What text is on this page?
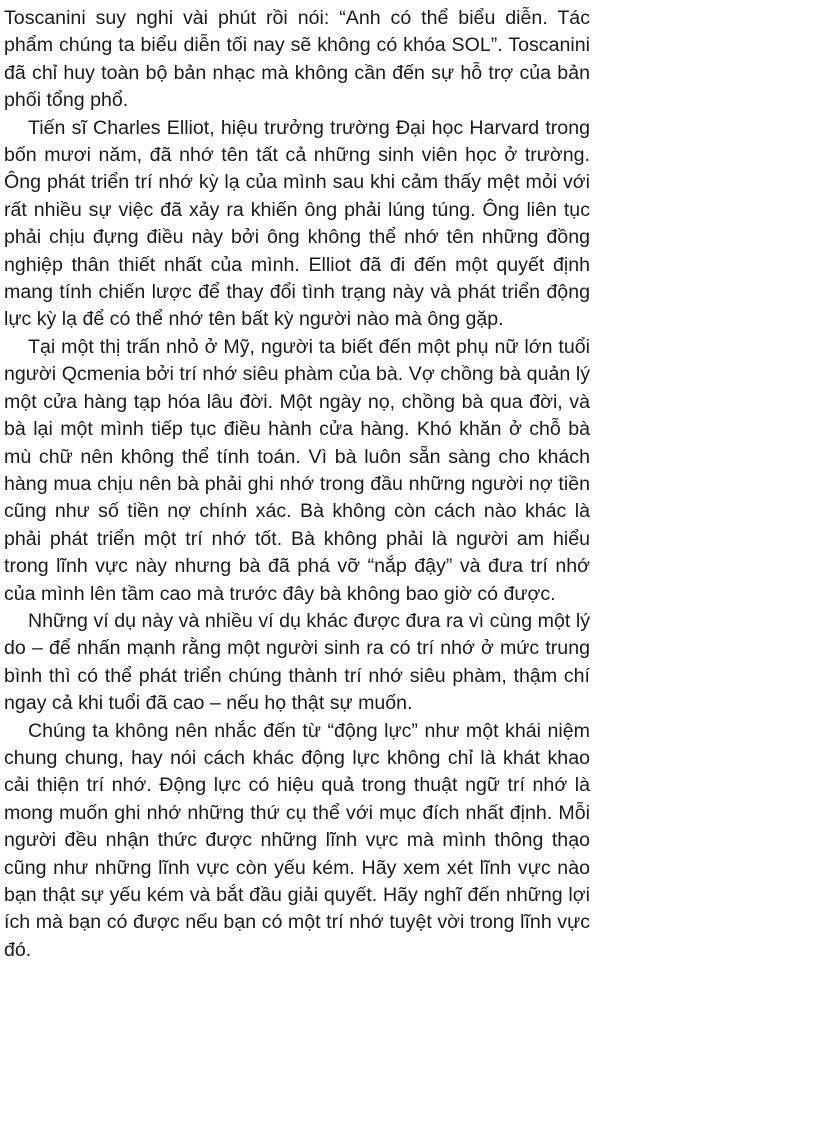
Toscanini suy nghi vài phút rồi nói: “Anh có thể biểu diễn. Tác phẩm chúng ta biểu diễn tối nay sẽ không có khóa SOL”. Toscanini đã chỉ huy toàn bộ bản nhạc mà không cần đến sự hỗ trợ của bản phối tổng phổ.

Tiến sĩ Charles Elliot, hiệu trưởng trường Đại học Harvard trong bốn mươi năm, đã nhớ tên tất cả những sinh viên học ở trường. Ông phát triển trí nhớ kỳ lạ của mình sau khi cảm thấy mệt mỏi với rất nhiều sự việc đã xảy ra khiến ông phải lúng túng. Ông liên tục phải chịu đựng điều này bởi ông không thể nhớ tên những đồng nghiệp thân thiết nhất của mình. Elliot đã đi đến một quyết định mang tính chiến lược để thay đổi tình trạng này và phát triển động lực kỳ lạ để có thể nhớ tên bất kỳ người nào mà ông gặp.

Tại một thị trấn nhỏ ở Mỹ, người ta biết đến một phụ nữ lớn tuổi người Qcmenia bởi trí nhớ siêu phàm của bà. Vợ chồng bà quản lý một cửa hàng tạp hóa lâu đời. Một ngày nọ, chồng bà qua đời, và bà lại một mình tiếp tục điều hành cửa hàng. Khó khăn ở chỗ bà mù chữ nên không thể tính toán. Vì bà luôn sẵn sàng cho khách hàng mua chịu nên bà phải ghi nhớ trong đầu những người nợ tiền cũng như số tiền nợ chính xác. Bà không còn cách nào khác là phải phát triển một trí nhớ tốt. Bà không phải là người am hiểu trong lĩnh vực này nhưng bà đã phá vỡ “nắp đậy” và đưa trí nhớ của mình lên tầm cao mà trước đây bà không bao giờ có được.

Những ví dụ này và nhiều ví dụ khác được đưa ra vì cùng một lý do – để nhấn mạnh rằng một người sinh ra có trí nhớ ở mức trung bình thì có thể phát triển chúng thành trí nhớ siêu phàm, thậm chí ngay cả khi tuổi đã cao – nếu họ thật sự muốn.

Chúng ta không nên nhắc đến từ “động lực” như một khái niệm chung chung, hay nói cách khác động lực không chỉ là khát khao cải thiện trí nhớ. Động lực có hiệu quả trong thuật ngữ trí nhớ là mong muốn ghi nhớ những thứ cụ thể với mục đích nhất định. Mỗi người đều nhận thức được những lĩnh vực mà mình thông thạo cũng như những lĩnh vực còn yếu kém. Hãy xem xét lĩnh vực nào bạn thật sự yếu kém và bắt đầu giải quyết. Hãy nghĩ đến những lợi ích mà bạn có được nếu bạn có một trí nhớ tuyệt vời trong lĩnh vực đó.
